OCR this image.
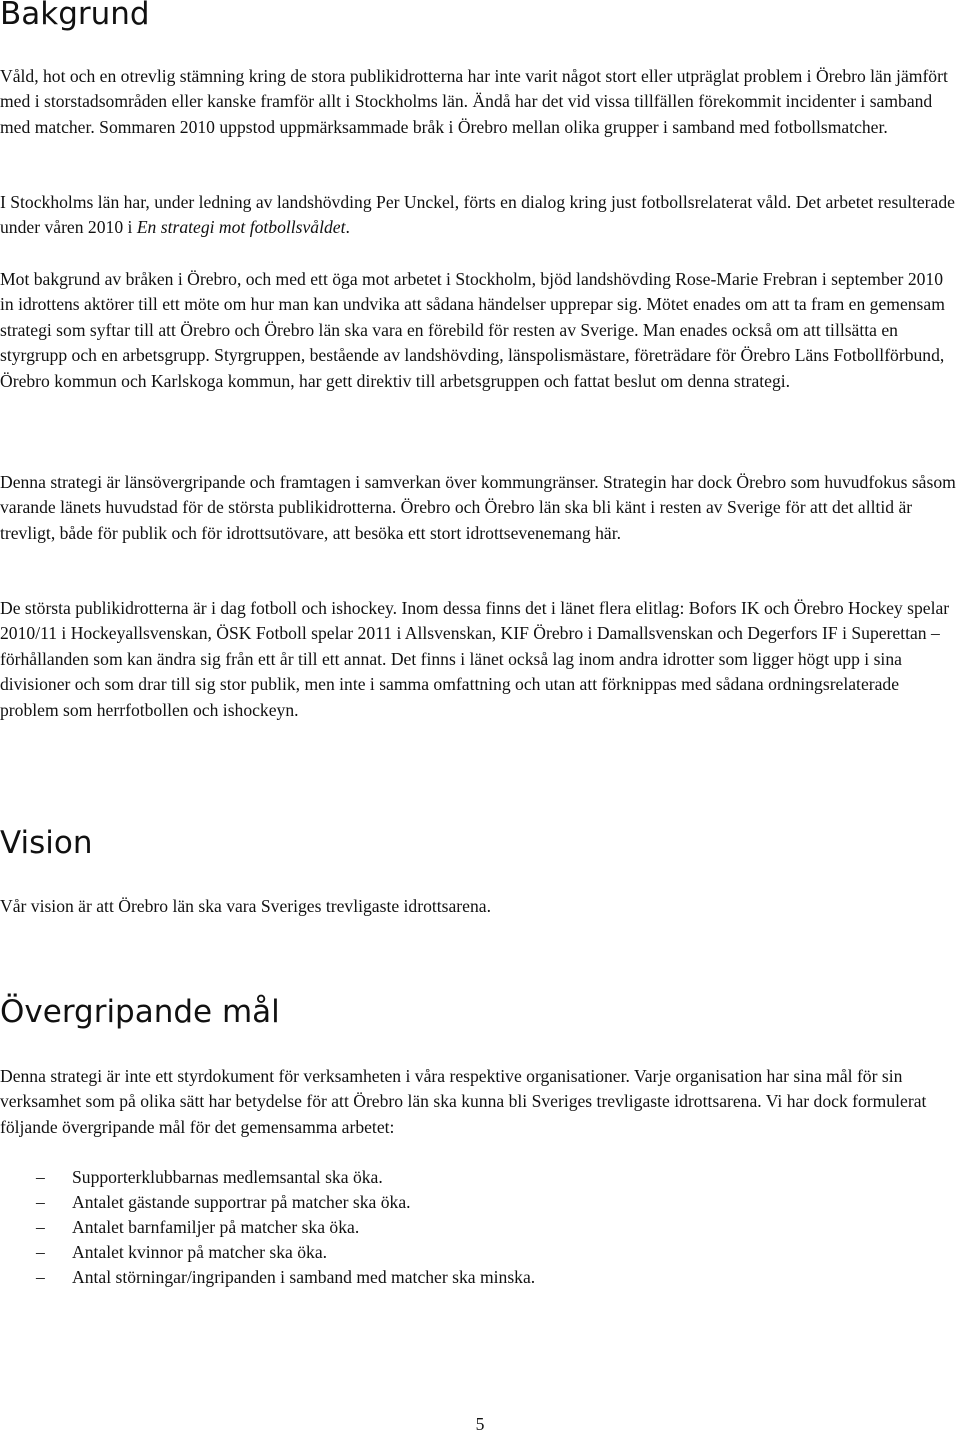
Bakgrund

Våld, hot och en otrevlig stämning kring de stora publikidrotterna har inte varit något stort eller utpräglat problem i Örebro län jämfört med i storstadsområden eller kanske framför allt i Stockholms län. Ändå har det vid vissa tillfällen förekommit incidenter i samband med matcher. Sommaren 2010 uppstod uppmärksammade bråk i Örebro mellan olika grupper i samband med fotbollsmatcher.

I Stockholms län har, under ledning av landshövding Per Unckel, förts en dialog kring just fotbollsrelaterat våld. Det arbetet resulterade under våren 2010 i En strategi mot fotbollsvåldet.

Mot bakgrund av bråken i Örebro, och med ett öga mot arbetet i Stockholm, bjöd landshövding Rose-Marie Frebran i september 2010 in idrottens aktörer till ett möte om hur man kan undvika att sådana händelser upprepar sig. Mötet enades om att ta fram en gemensam strategi som syftar till att Örebro och Örebro län ska vara en förebild för resten av Sverige. Man enades också om att tillsätta en styrgrupp och en arbetsgrupp. Styrgruppen, bestående av landshövding, länspolismästare, företrädare för Örebro Läns Fotbollförbund, Örebro kommun och Karlskoga kommun, har gett direktiv till arbetsgruppen och fattat beslut om denna strategi.

Denna strategi är länsövergripande och framtagen i samverkan över kommungränser. Strategin har dock Örebro som huvudfokus såsom varande länets huvudstad för de största publikidrotterna. Örebro och Örebro län ska bli känt i resten av Sverige för att det alltid är trevligt, både för publik och för idrottsutövare, att besöka ett stort idrottsevenemang här.

De största publikidrotterna är i dag fotboll och ishockey. Inom dessa finns det i länet flera elitlag: Bofors IK och Örebro Hockey spelar 2010/11 i Hockeyallsvenskan, ÖSK Fotboll spelar 2011 i Allsvenskan, KIF Örebro i Damallsvenskan och Degerfors IF i Superettan – förhållanden som kan ändra sig från ett år till ett annat. Det finns i länet också lag inom andra idrotter som ligger högt upp i sina divisioner och som drar till sig stor publik, men inte i samma omfattning och utan att förknippas med sådana ordningsrelaterade problem som herrfotbollen och ishockeyn.

Vision

Vår vision är att Örebro län ska vara Sveriges trevligaste idrottsarena.

Övergripande mål

Denna strategi är inte ett styrdokument för verksamheten i våra respektive organisationer. Varje organisation har sina mål för sin verksamhet som på olika sätt har betydelse för att Örebro län ska kunna bli Sveriges trevligaste idrottsarena. Vi har dock formulerat följande övergripande mål för det gemensamma arbetet:

– Supporterklubbarnas medlemsantal ska öka.
– Antalet gästande supportrar på matcher ska öka.
– Antalet barnfamiljer på matcher ska öka.
– Antalet kvinnor på matcher ska öka.
– Antal störningar/ingripanden i samband med matcher ska minska.
5
